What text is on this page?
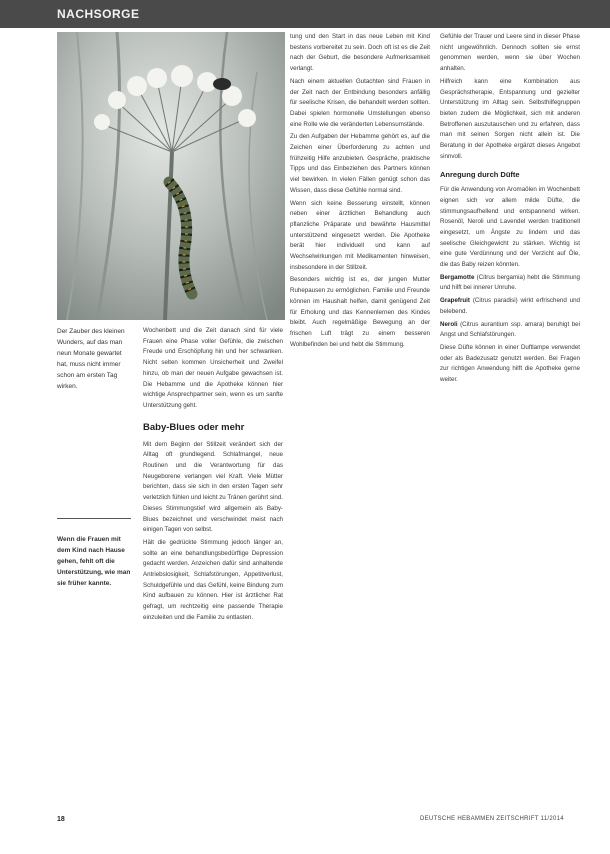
NACHSORGE
Der Zauber des kleinen Wunders, auf das man neun Monate gewartet hat, muss nicht immer schon am ersten Tag wirken.
Wenn die Frauen mit dem Kind nach Hause gehen, fehlt oft die Unterstützung, wie man sie früher kannte.

Wochenbett und die Zeit danach sind für viele Frauen eine Phase voller Gefühle, die zwischen Freude und Erschöpfung hin und her schwanken. Nicht selten kommen Unsicherheit und Zweifel hinzu, ob man der neuen Aufgabe gewachsen ist. Die Hebamme und die Apotheke können hier wichtige Ansprechpartner sein, wenn es um sanfte Unterstützung geht.

Baby-Blues oder mehr

Mit dem Beginn der Stillzeit verändert sich der Alltag oft grundlegend. Schlafmangel, neue Routinen und die Verantwortung für das Neugeborene verlangen viel Kraft. Viele Mütter berichten, dass sie sich in den ersten Tagen sehr verletzlich fühlen und leicht zu Tränen gerührt sind. Dieses Stimmungstief wird allgemein als Baby-Blues bezeichnet und verschwindet meist nach einigen Tagen von selbst.

Hält die gedrückte Stimmung jedoch länger an, sollte an eine behandlungsbedürftige Depression gedacht werden. Anzeichen dafür sind anhaltende Antriebslosigkeit, Schlafstörungen, Appetitverlust, Schuldgefühle und das Gefühl, keine Bindung zum Kind aufbauen zu können. Hier ist ärztlicher Rat gefragt, um rechtzeitig eine passende Therapie einzuleiten und die Familie zu entlasten.

tung und den Start in das neue Leben mit Kind bestens vorbereitet zu sein. Doch oft ist es die Zeit nach der Geburt, die besondere Aufmerksamkeit verlangt.

Nach einem aktuellen Gutachten sind Frauen in der Zeit nach der Entbindung besonders anfällig für seelische Krisen, die behandelt werden sollten. Dabei spielen hormonelle Umstellungen ebenso eine Rolle wie die veränderten Lebensumstände.

Zu den Aufgaben der Hebamme gehört es, auf die Zeichen einer Überforderung zu achten und frühzeitig Hilfe anzubieten. Gespräche, praktische Tipps und das Einbeziehen des Partners können viel bewirken. In vielen Fällen genügt schon das Wissen, dass diese Gefühle normal sind.

Wenn sich keine Besserung einstellt, können neben einer ärztlichen Behandlung auch pflanzliche Präparate und bewährte Hausmittel unterstützend eingesetzt werden. Die Apotheke berät hier individuell und kann auf Wechselwirkungen mit Medikamenten hinweisen, insbesondere in der Stillzeit.

Besonders wichtig ist es, der jungen Mutter Ruhepausen zu ermöglichen. Familie und Freunde können im Haushalt helfen, damit genügend Zeit für Erholung und das Kennenlernen des Kindes bleibt. Auch regelmäßige Bewegung an der frischen Luft trägt zu einem besseren Wohlbefinden bei und hebt die Stimmung.

Gefühle der Trauer und Leere sind in dieser Phase nicht ungewöhnlich. Dennoch sollten sie ernst genommen werden, wenn sie über Wochen anhalten.

Hilfreich kann eine Kombination aus Gesprächstherapie, Entspannung und gezielter Unterstützung im Alltag sein. Selbsthilfegruppen bieten zudem die Möglichkeit, sich mit anderen Betroffenen auszutauschen und zu erfahren, dass man mit seinen Sorgen nicht allein ist. Die Beratung in der Apotheke ergänzt dieses Angebot sinnvoll.

Anregung durch Düfte

Für die Anwendung von Aromaölen im Wochenbett eignen sich vor allem milde Düfte, die stimmungsaufhellend und entspannend wirken. Rosenöl, Neroli und Lavendel werden traditionell eingesetzt, um Ängste zu lindern und das seelische Gleichgewicht zu stärken. Wichtig ist eine gute Verdünnung und der Verzicht auf Öle, die das Baby reizen könnten.

Bergamotte (Citrus bergamia) hebt die Stimmung und hilft bei innerer Unruhe.

Grapefruit (Citrus paradisi) wirkt erfrischend und belebend.

Neroli (Citrus aurantium ssp. amara) beruhigt bei Angst und Schlafstörungen.

Diese Düfte können in einer Duftlampe verwendet oder als Badezusatz genutzt werden. Bei Fragen zur richtigen Anwendung hilft die Apotheke gerne weiter.

18	DEUTSCHE HEBAMMEN ZEITSCHRIFT 11/2014
